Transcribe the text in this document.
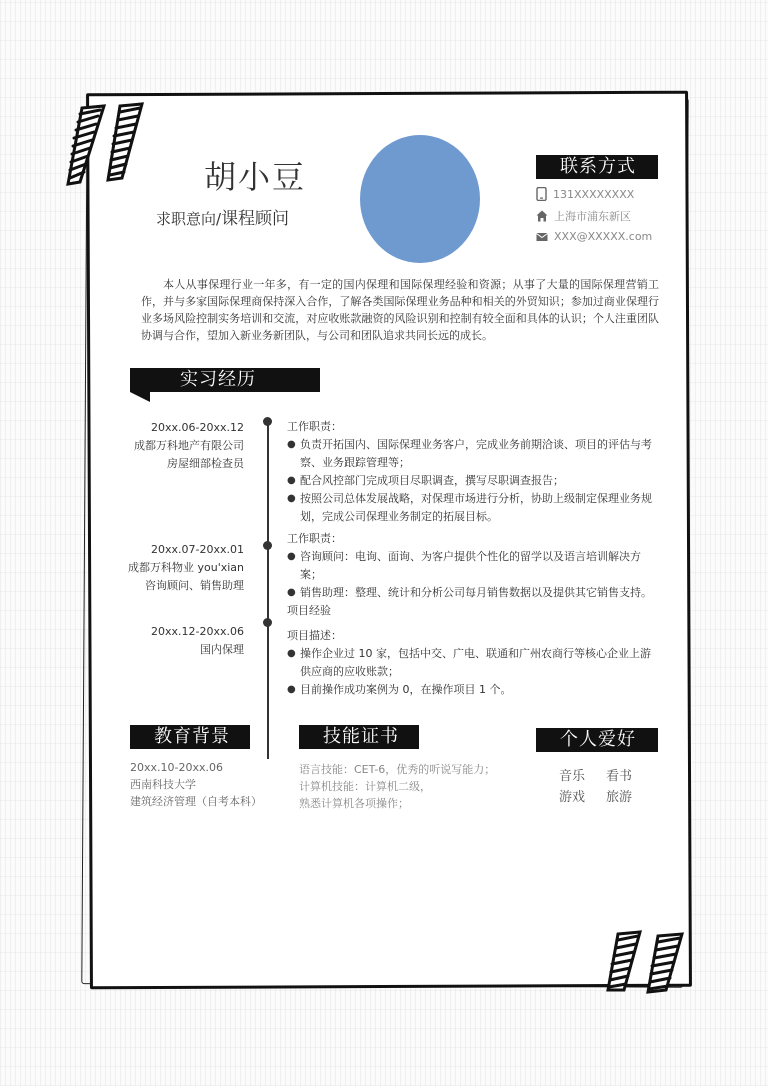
胡小豆
求职意向/课程顾问
联系方式
131XXXXXXXX
上海市浦东新区
XXX@XXXXX.com
本人从事保理行业一年多，有一定的国内保理和国际保理经验和资源；从事了大量的国际保理营销工作，并与多家国际保理商保持深入合作，了解各类国际保理业务品种和相关的外贸知识；参加过商业保理行业多场风险控制实务培训和交流，对应收账款融资的风险识别和控制有较全面和具体的认识；个人注重团队协调与合作，望加入新业务新团队，与公司和团队追求共同长远的成长。
实习经历
20xx.06-20xx.12
成都万科地产有限公司
房屋细部检查员
工作职责：
● 负责开拓国内、国际保理业务客户，完成业务前期洽谈、项目的评估与考察、业务跟踪管理等；
● 配合风控部门完成项目尽职调查，撰写尽职调查报告；
● 按照公司总体发展战略，对保理市场进行分析，协助上级制定保理业务规划，完成公司保理业务制定的拓展目标。
20xx.07-20xx.01
成都万科物业 you'xian
咨询顾问、销售助理
工作职责：
● 咨询顾问：电询、面询、为客户提供个性化的留学以及语言培训解决方案；
● 销售助理：整理、统计和分析公司每月销售数据以及提供其它销售支持。
项目经验
20xx.12-20xx.06
国内保理
项目描述：
● 操作企业过 10 家，包括中交、广电、联通和广州农商行等核心企业上游供应商的应收账款；
● 目前操作成功案例为 0，在操作项目 1 个。
教育背景
20xx.10-20xx.06
西南科技大学
建筑经济管理（自考本科）
技能证书
语言技能：CET-6，优秀的听说写能力；
计算机技能：计算机二级，
熟悉计算机各项操作；
个人爱好
音乐 看书
游戏 旅游
